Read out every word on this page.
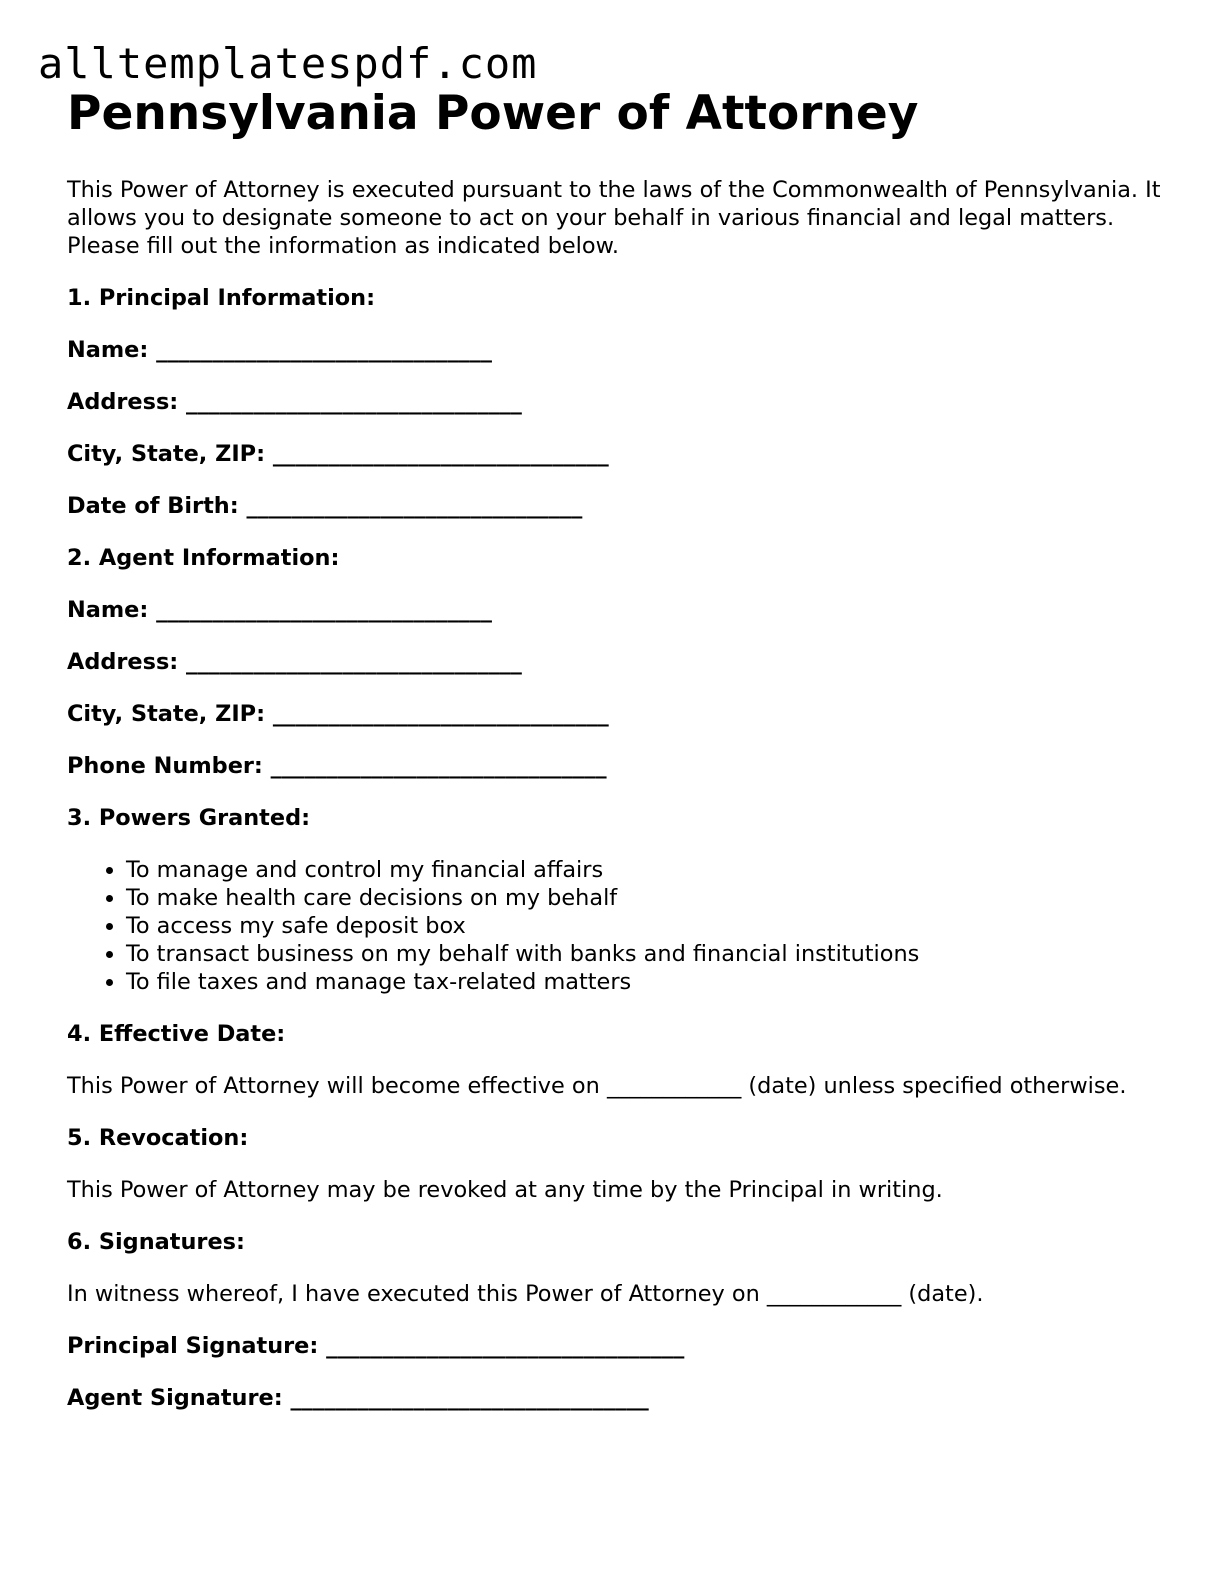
alltemplatespdf.com
Pennsylvania Power of Attorney

This Power of Attorney is executed pursuant to the laws of the Commonwealth of Pennsylvania. It allows you to designate someone to act on your behalf in various financial and legal matters. Please fill out the information as indicated below.

1. Principal Information:
Name: ______________________________
Address: ______________________________
City, State, ZIP: ______________________________
Date of Birth: ______________________________
2. Agent Information:
Name: ______________________________
Address: ______________________________
City, State, ZIP: ______________________________
Phone Number: ______________________________
3. Powers Granted:
• To manage and control my financial affairs
• To make health care decisions on my behalf
• To access my safe deposit box
• To transact business on my behalf with banks and financial institutions
• To file taxes and manage tax-related matters
4. Effective Date:

This Power of Attorney will become effective on ____________ (date) unless specified otherwise.

5. Revocation:

This Power of Attorney may be revoked at any time by the Principal in writing.

6. Signatures:

In witness whereof, I have executed this Power of Attorney on ____________ (date).

Principal Signature: ________________________________
Agent Signature: ________________________________
